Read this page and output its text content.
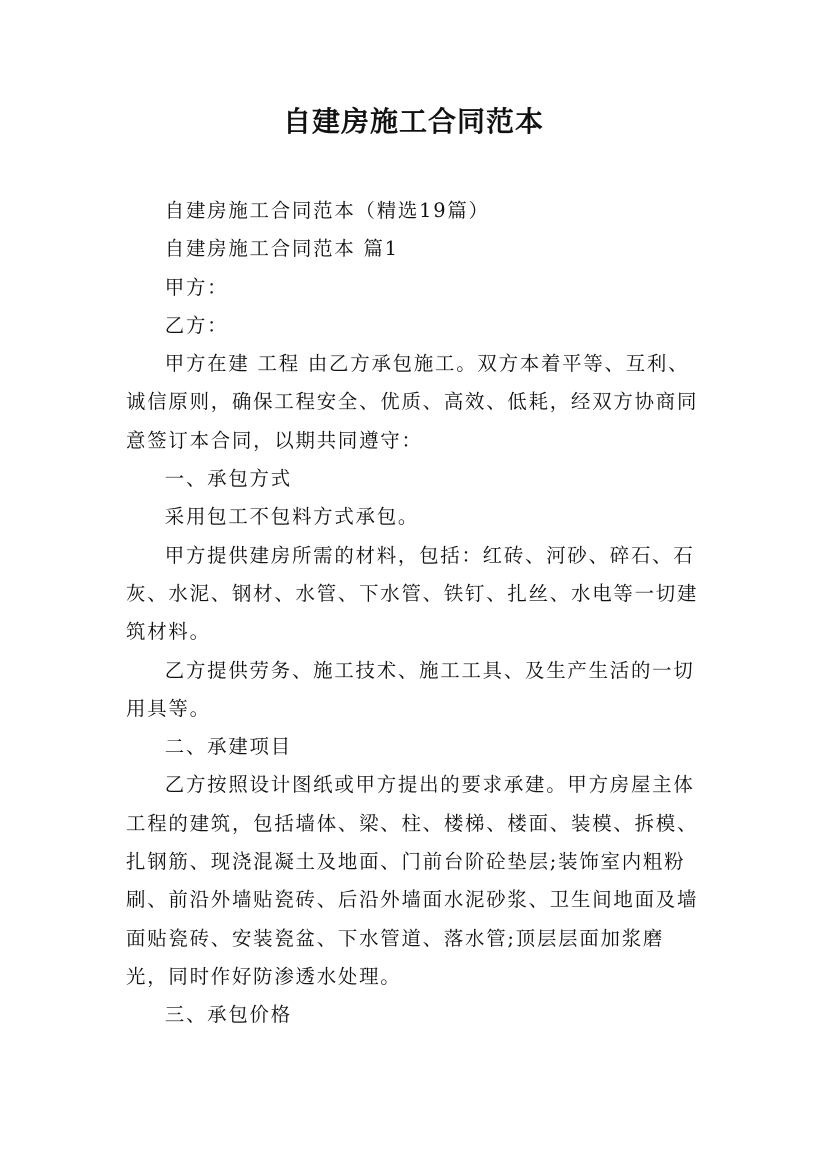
自建房施工合同范本

自建房施工合同范本（精选19篇）

自建房施工合同范本 篇1

甲方：

乙方：

甲方在建 工程 由乙方承包施工。双方本着平等、互利、诚信原则，确保工程安全、优质、高效、低耗，经双方协商同意签订本合同，以期共同遵守：

一、承包方式

采用包工不包料方式承包。

甲方提供建房所需的材料，包括：红砖、河砂、碎石、石灰、水泥、钢材、水管、下水管、铁钉、扎丝、水电等一切建筑材料。

乙方提供劳务、施工技术、施工工具、及生产生活的一切用具等。

二、承建项目

乙方按照设计图纸或甲方提出的要求承建。甲方房屋主体工程的建筑，包括墙体、梁、柱、楼梯、楼面、装模、拆模、扎钢筋、现浇混凝土及地面、门前台阶砼垫层;装饰室内粗粉刷、前沿外墙贴瓷砖、后沿外墙面水泥砂浆、卫生间地面及墙面贴瓷砖、安装瓷盆、下水管道、落水管;顶层层面加浆磨光，同时作好防渗透水处理。

三、承包价格
